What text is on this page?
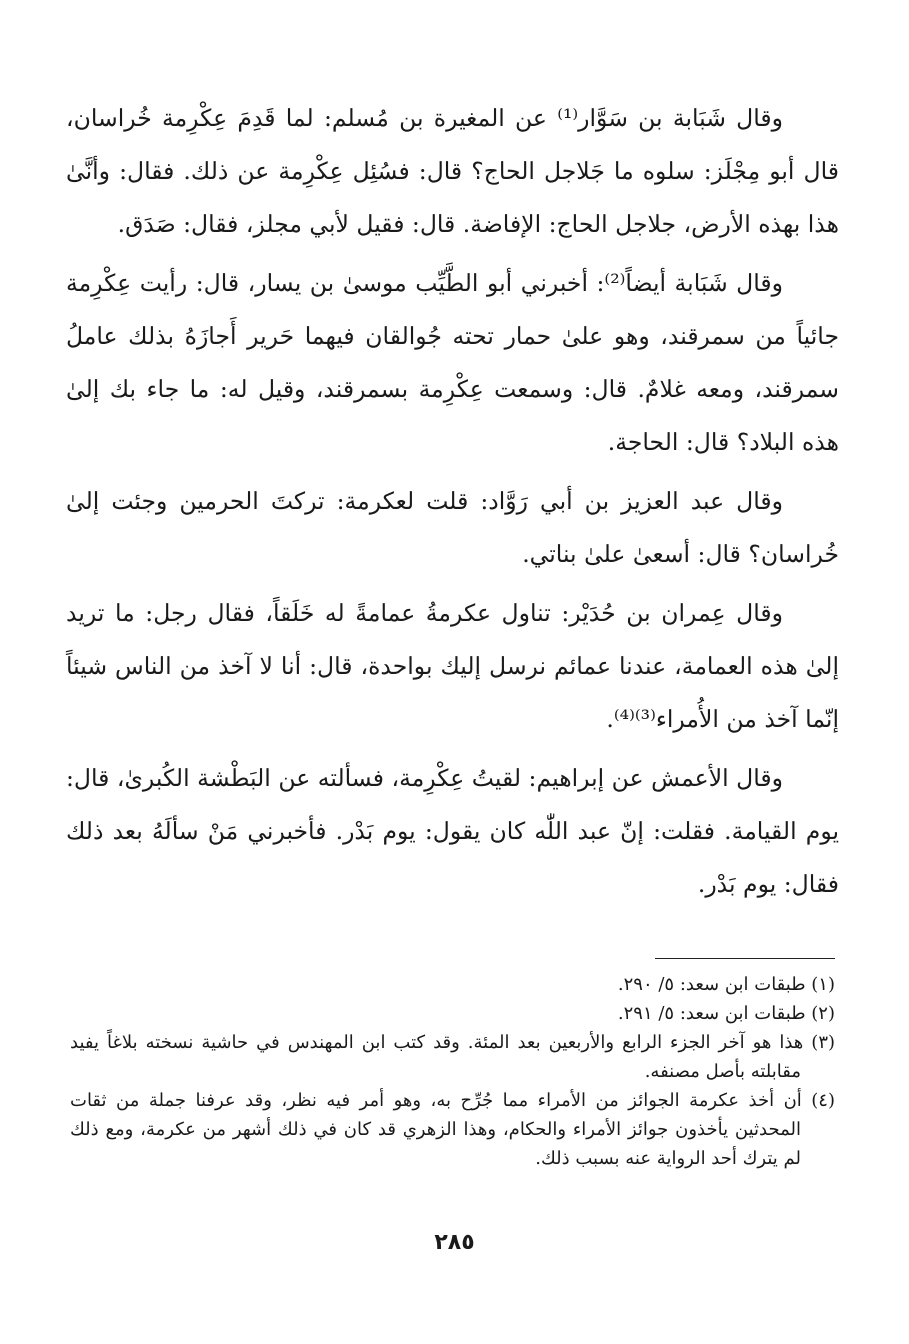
وقال شَبَابة بن سَوَّار⁽¹⁾ عن المغيرة بن مُسلم: لما قَدِمَ عِكْرِمة خُراسان، قال أبو مِجْلَز: سلوه ما جَلاجل الحاج؟ قال: فسُئِل عِكْرِمة عن ذلك. فقال: وأنَّىٰ هذا بهذه الأرض، جلاجل الحاج: الإفاضة. قال: فقيل لأبي مجلز، فقال: صَدَق.

وقال شَبَابة أيضاً⁽²⁾: أخبرني أبو الطَّيِّب موسىٰ بن يسار، قال: رأيت عِكْرِمة جائياً من سمرقند، وهو علىٰ حمار تحته جُوالقان فيهما حَرير أَجازَهُ بذلك عاملُ سمرقند، ومعه غلامٌ. قال: وسمعت عِكْرِمة بسمرقند، وقيل له: ما جاء بك إلىٰ هذه البلاد؟ قال: الحاجة.

وقال عبد العزيز بن أبي رَوَّاد: قلت لعكرمة: تركتَ الحرمين وجئت إلىٰ خُراسان؟ قال: أسعىٰ علىٰ بناتي.

وقال عِمران بن حُدَيْر: تناول عكرمةُ عمامةً له خَلَقاً، فقال رجل: ما تريد إلىٰ هذه العمامة، عندنا عمائم نرسل إليك بواحدة، قال: أنا لا آخذ من الناس شيئاً إنّما آخذ من الأُمراء⁽³⁾⁽⁴⁾.

وقال الأعمش عن إبراهيم: لقيتُ عِكْرِمة، فسألته عن البَطْشة الكُبرىٰ، قال: يوم القيامة. فقلت: إنّ عبد اللّٰه كان يقول: يوم بَدْر. فأخبرني مَنْ سألَهُ بعد ذلك فقال: يوم بَدْر.

(١) طبقات ابن سعد: ٥/ ٢٩٠.

(٢) طبقات ابن سعد: ٥/ ٢٩١.

(٣) هذا هو آخر الجزء الرابع والأربعين بعد المئة. وقد كتب ابن المهندس في حاشية نسخته بلاغاً يفيد مقابلته بأصل مصنفه.

(٤) أن أخذ عكرمة الجوائز من الأمراء مما جُرِّح به، وهو أمر فيه نظر، وقد عرفنا جملة من ثقات المحدثين يأخذون جوائز الأمراء والحكام، وهذا الزهري قد كان في ذلك أشهر من عكرمة، ومع ذلك لم يترك أحد الرواية عنه بسبب ذلك.

٢٨٥
